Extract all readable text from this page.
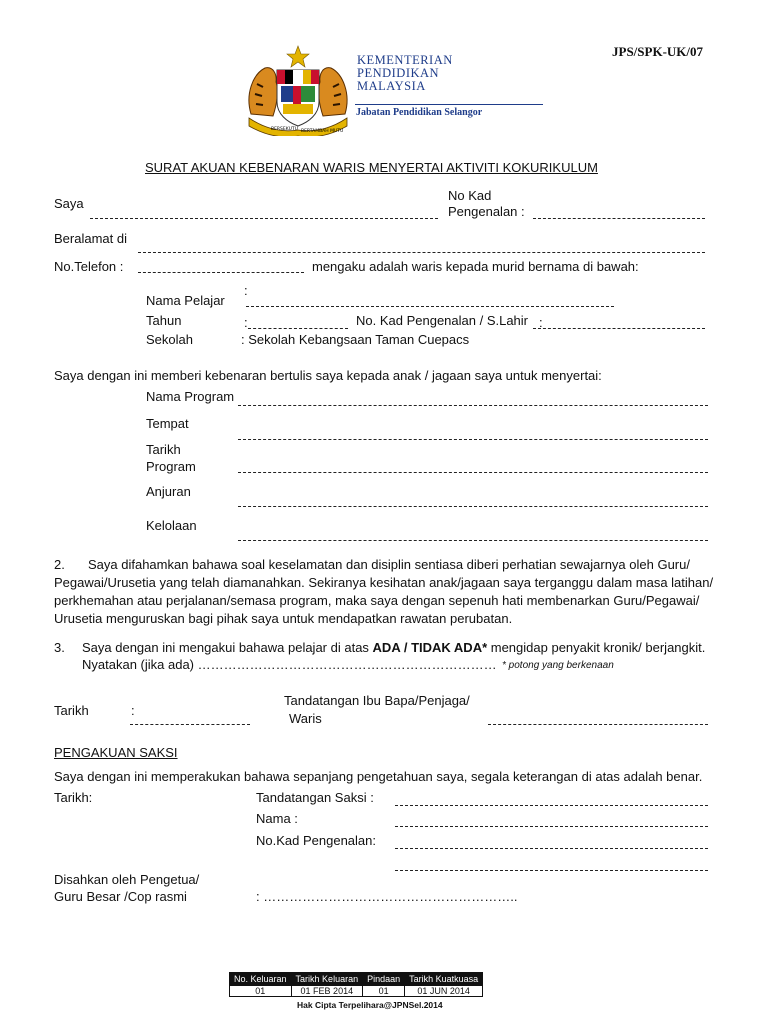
JPS/SPK-UK/07
BERSEKUTU BERTAMBAH MUTU
KEMENTERIAN
PENDIDIKAN
MALAYSIA
Jabatan Pendidikan Selangor
SURAT AKUAN KEBENARAN WARIS MENYERTAI AKTIVITI KOKURIKULUM
Saya
No Kad
Pengenalan :
Beralamat di
No.Telefon :	mengaku adalah waris kepada murid bernama di bawah:
Nama Pelajar
:
Tahun	:	No. Kad Pengenalan / S.Lahir :
Sekolah	: Sekolah Kebangsaan Taman Cuepacs
Saya dengan ini memberi kebenaran bertulis saya kepada anak / jagaan saya untuk menyertai:
Nama Program
Tempat
Tarikh
Program
Anjuran
Kelolaan
2. Saya difahamkan bahawa soal keselamatan dan disiplin sentiasa diberi perhatian sewajarnya oleh Guru/ Pegawai/Urusetia yang telah diamanahkan. Sekiranya kesihatan anak/jagaan saya terganggu dalam masa latihan/ perkhemahan atau perjalanan/semasa program, maka saya dengan sepenuh hati membenarkan Guru/Pegawai/ Urusetia menguruskan bagi pihak saya untuk mendapatkan rawatan perubatan.
3. Saya dengan ini mengakui bahawa pelajar di atas ADA / TIDAK ADA* mengidap penyakit kronik/ berjangkit.
Nyatakan (jika ada) …………………………………………………………… * potong yang berkenaan
Tarikh	:
Tandatangan Ibu Bapa/Penjaga/
Waris
PENGAKUAN SAKSI
Saya dengan ini memperakukan bahawa sepanjang pengetahuan saya, segala keterangan di atas adalah benar.
Tarikh:	Tandatangan Saksi :
Nama :
No.Kad Pengenalan:
Disahkan oleh Pengetua/
Guru Besar /Cop rasmi	: …………………………………………………..
No. Keluaran	Tarikh Keluaran	Pindaan	Tarikh Kuatkuasa
01	01 FEB 2014	01	01 JUN 2014
Hak Cipta Terpelihara@JPNSel.2014
